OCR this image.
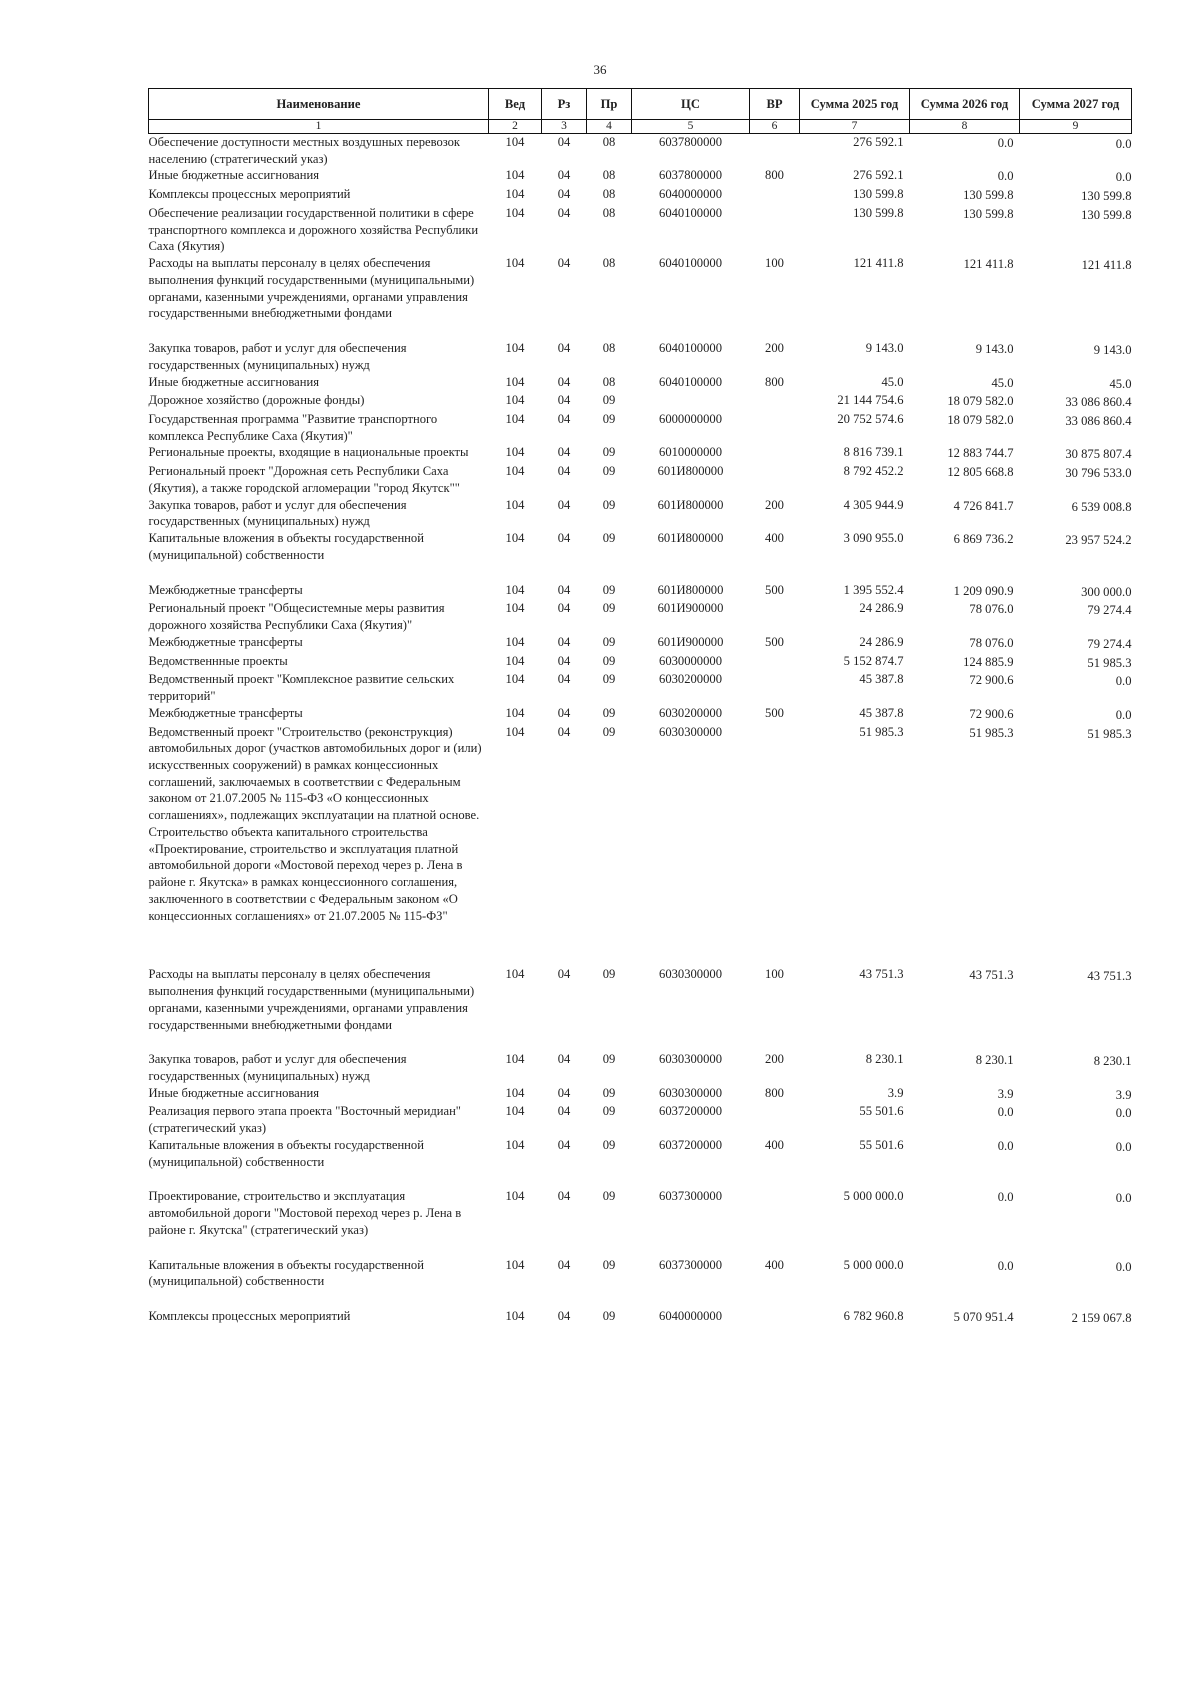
36
Наименование	Вед	Рз	Пр	ЦС	ВР	Сумма 2025 год	Сумма 2026 год	Сумма 2027 год
1	2	3	4	5	6	7	8	9
Обеспечение доступности местных воздушных перевозок населению (стратегический указ)	104	04	08	6037800000		276 592.1	0.0	0.0
Иные бюджетные ассигнования	104	04	08	6037800000	800	276 592.1	0.0	0.0
Комплексы процессных мероприятий	104	04	08	6040000000		130 599.8	130 599.8	130 599.8
Обеспечение реализации государственной политики в сфере транспортного комплекса и дорожного хозяйства Республики Саха (Якутия)	104	04	08	6040100000		130 599.8	130 599.8	130 599.8
Расходы на выплаты персоналу в целях обеспечения выполнения функций государственными (муниципальными) органами, казенными учреждениями, органами управления государственными внебюджетными фондами	104	04	08	6040100000	100	121 411.8	121 411.8	121 411.8
Закупка товаров, работ и услуг для обеспечения государственных (муниципальных) нужд	104	04	08	6040100000	200	9 143.0	9 143.0	9 143.0
Иные бюджетные ассигнования	104	04	08	6040100000	800	45.0	45.0	45.0
Дорожное хозяйство (дорожные фонды)	104	04	09			21 144 754.6	18 079 582.0	33 086 860.4
Государственная программа "Развитие транспортного комплекса Республике Саха (Якутия)"	104	04	09	6000000000		20 752 574.6	18 079 582.0	33 086 860.4
Региональные проекты, входящие в национальные проекты	104	04	09	6010000000		8 816 739.1	12 883 744.7	30 875 807.4
Региональный проект "Дорожная сеть Республики Саха (Якутия), а также городской агломерации "город Якутск""	104	04	09	601И800000		8 792 452.2	12 805 668.8	30 796 533.0
Закупка товаров, работ и услуг для обеспечения государственных (муниципальных) нужд	104	04	09	601И800000	200	4 305 944.9	4 726 841.7	6 539 008.8
Капитальные вложения в объекты государственной (муниципальной) собственности	104	04	09	601И800000	400	3 090 955.0	6 869 736.2	23 957 524.2
Межбюджетные трансферты	104	04	09	601И800000	500	1 395 552.4	1 209 090.9	300 000.0
Региональный проект "Общесистемные меры развития дорожного хозяйства Республики Саха (Якутия)"	104	04	09	601И900000		24 286.9	78 076.0	79 274.4
Межбюджетные трансферты	104	04	09	601И900000	500	24 286.9	78 076.0	79 274.4
Ведомственнные проекты	104	04	09	6030000000		5 152 874.7	124 885.9	51 985.3
Ведомственный проект "Комплексное развитие сельских территорий"	104	04	09	6030200000		45 387.8	72 900.6	0.0
Межбюджетные трансферты	104	04	09	6030200000	500	45 387.8	72 900.6	0.0
Ведомственный проект "Строительство (реконструкция) автомобильных дорог (участков автомобильных дорог и (или) искусственных сооружений) в рамках концессионных соглашений, заключаемых в соответствии с Федеральным законом от 21.07.2005 № 115-ФЗ «О концессионных соглашениях», подлежащих эксплуатации на платной основе. Строительство объекта капитального строительства «Проектирование, строительство и эксплуатация платной автомобильной дороги «Мостовой переход через р. Лена в районе г. Якутска» в рамках концессионного соглашения, заключенного в соответствии с Федеральным законом «О концессионных соглашениях» от 21.07.2005 № 115-ФЗ"	104	04	09	6030300000		51 985.3	51 985.3	51 985.3
Расходы на выплаты персоналу в целях обеспечения выполнения функций государственными (муниципальными) органами, казенными учреждениями, органами управления государственными внебюджетными фондами	104	04	09	6030300000	100	43 751.3	43 751.3	43 751.3
Закупка товаров, работ и услуг для обеспечения государственных (муниципальных) нужд	104	04	09	6030300000	200	8 230.1	8 230.1	8 230.1
Иные бюджетные ассигнования	104	04	09	6030300000	800	3.9	3.9	3.9
Реализация первого этапа проекта "Восточный меридиан" (стратегический указ)	104	04	09	6037200000		55 501.6	0.0	0.0
Капитальные вложения в объекты государственной (муниципальной) собственности	104	04	09	6037200000	400	55 501.6	0.0	0.0
Проектирование, строительство и эксплуатация автомобильной дороги "Мостовой переход через р. Лена в районе г. Якутска" (стратегический указ)	104	04	09	6037300000		5 000 000.0	0.0	0.0
Капитальные вложения в объекты государственной (муниципальной) собственности	104	04	09	6037300000	400	5 000 000.0	0.0	0.0
Комплексы процессных мероприятий	104	04	09	6040000000		6 782 960.8	5 070 951.4	2 159 067.8
